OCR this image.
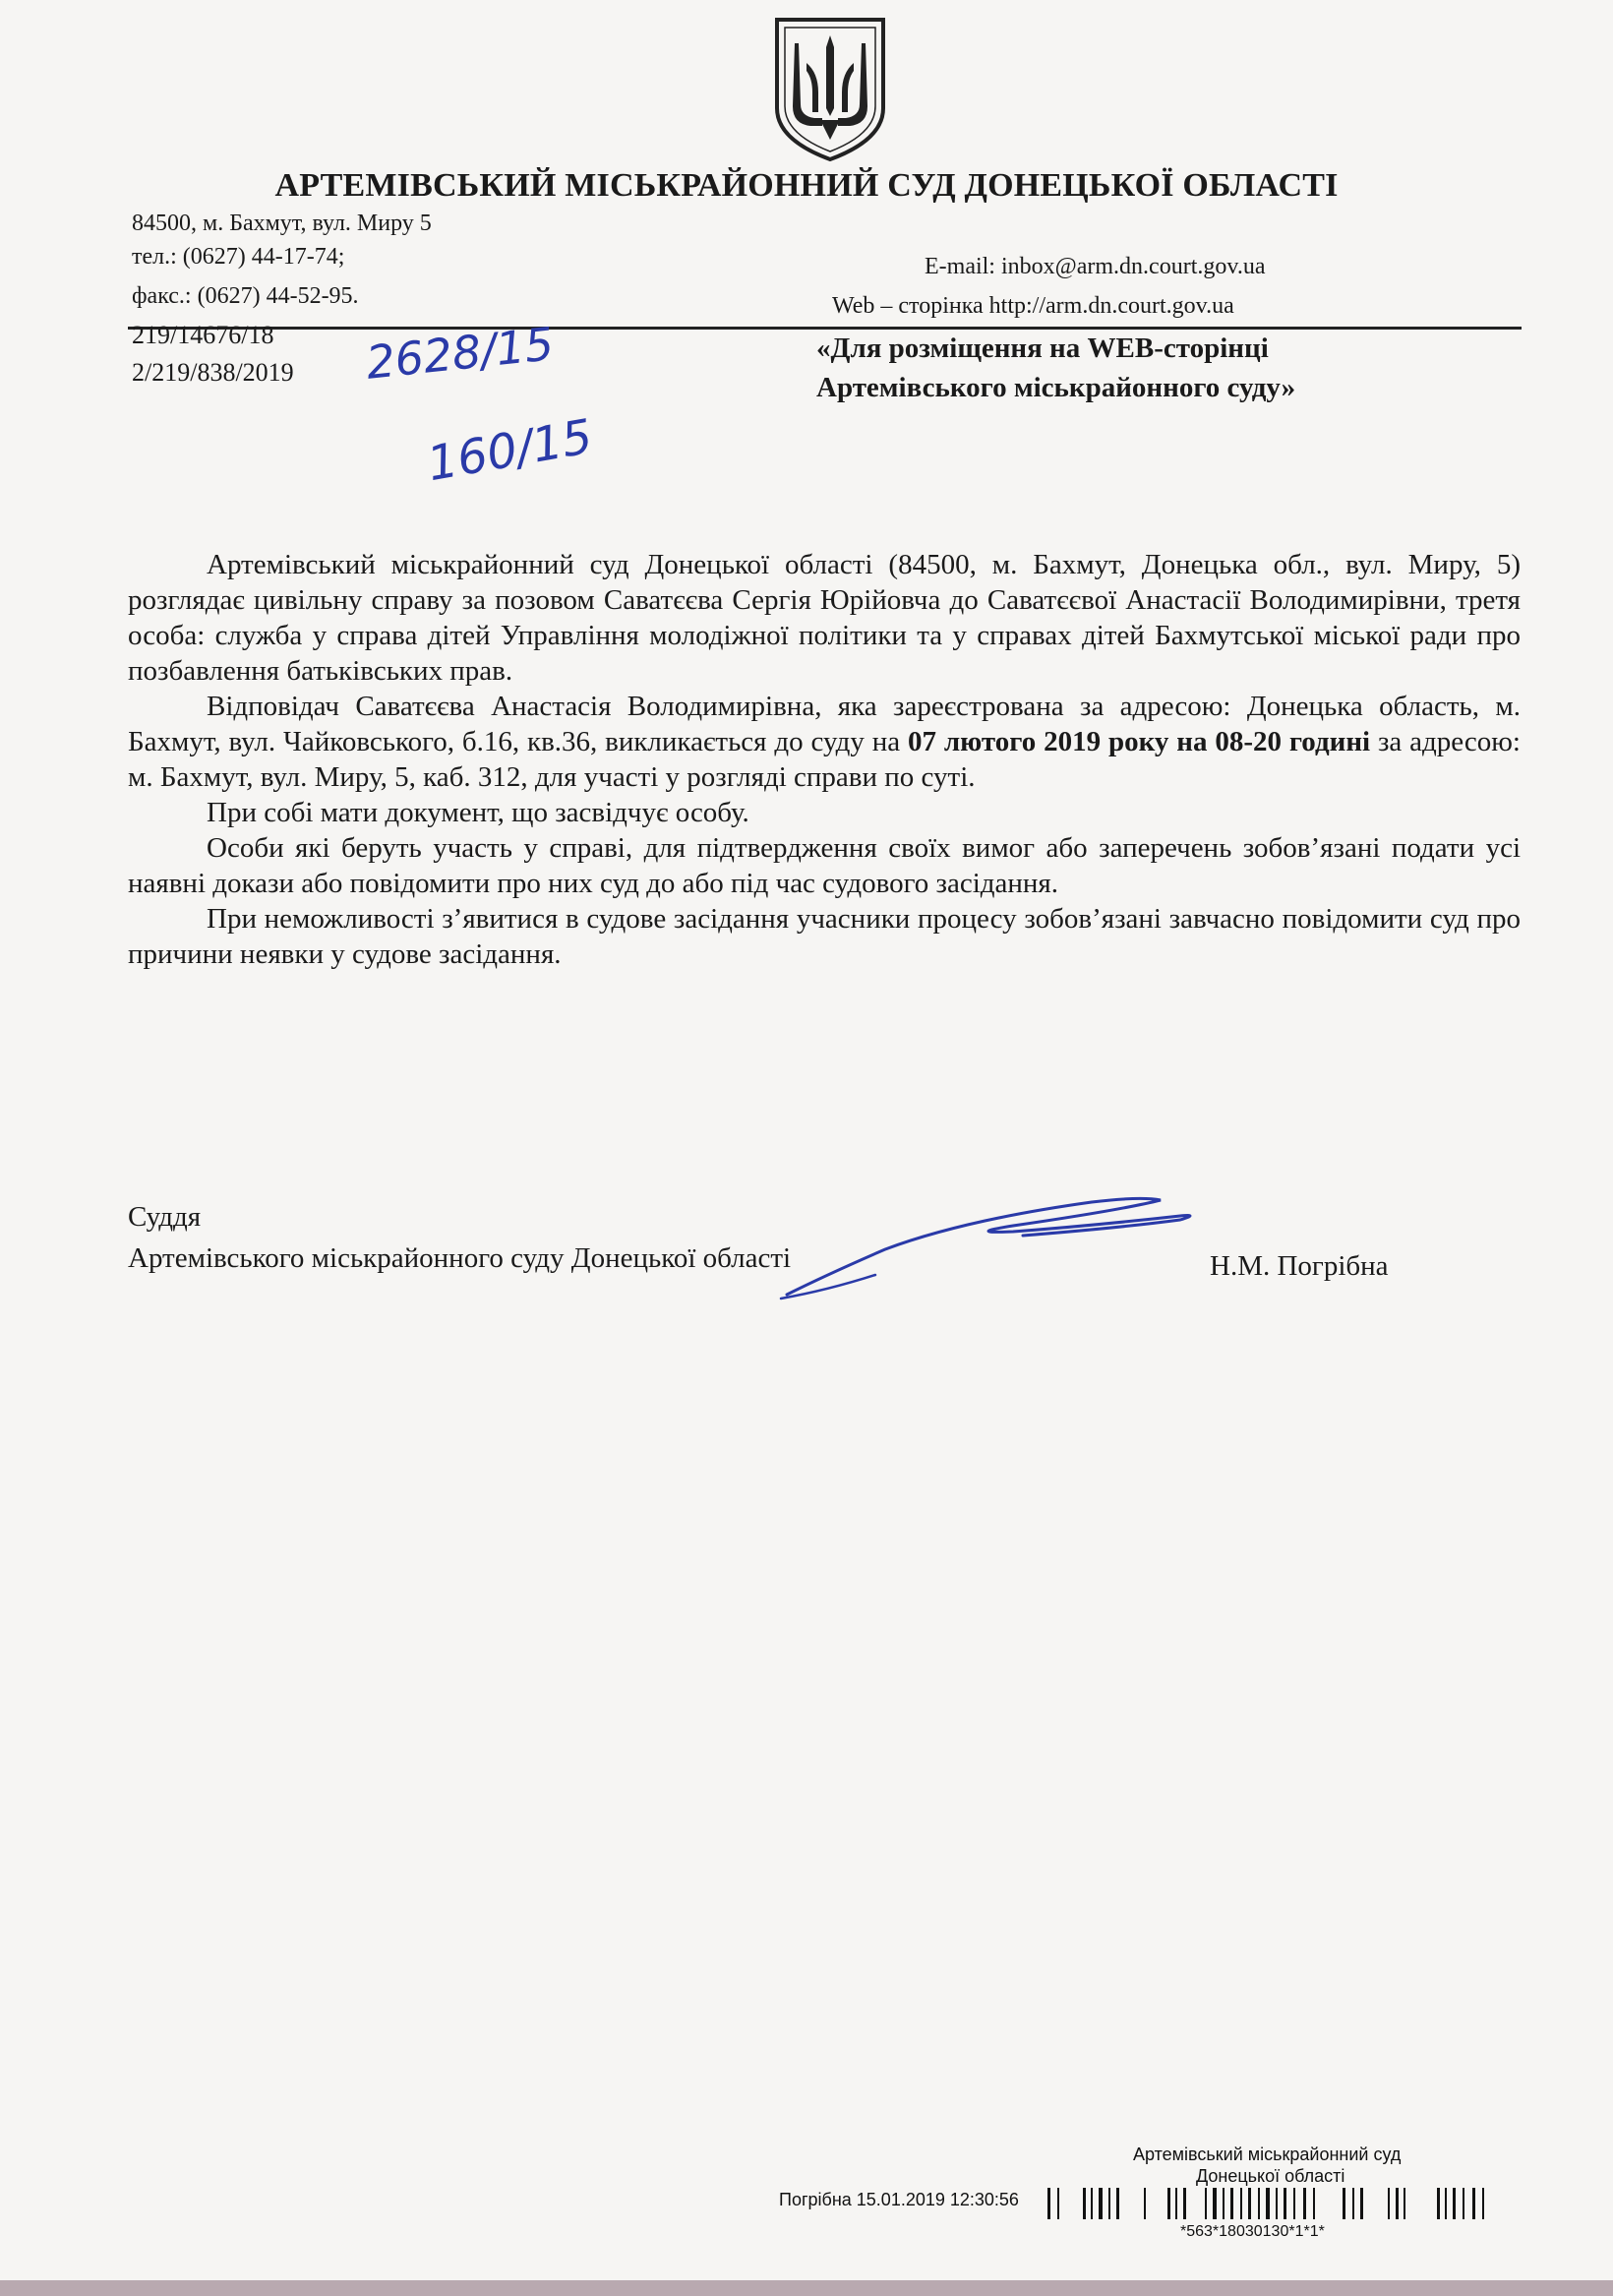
АРТЕМІВСЬКИЙ МІСЬКРАЙОННИЙ СУД ДОНЕЦЬКОЇ ОБЛАСТІ
84500, м. Бахмут, вул. Миру 5
тел.: (0627) 44-17-74;
факс.: (0627) 44-52-95.
E-mail: inbox@arm.dn.court.gov.ua
Web – сторінка http://arm.dn.court.gov.ua
219/14676/18
2/219/838/2019 2628/15
160/15
«Для розміщення на WEB-сторінці
Артемівського міськрайонного суду»

Артемівський міськрайонний суд Донецької області (84500, м. Бахмут, Донецька обл., вул. Миру, 5) розглядає цивільну справу за позовом Саватєєва Сергія Юрійовча до Саватєєвої Анастасії Володимирівни, третя особа: служба у справа дітей Управління молодіжної політики та у справах дітей Бахмутської міської ради про позбавлення батьківських прав.

Відповідач Саватєєва Анастасія Володимирівна, яка зареєстрована за адресою: Донецька область, м. Бахмут, вул. Чайковського, б.16, кв.36, викликається до суду на 07 лютого 2019 року на 08-20 годині за адресою: м. Бахмут, вул. Миру, 5, каб. 312, для участі у розгляді справи по суті.

При собі мати документ, що засвідчує особу.

Особи які беруть участь у справі, для підтвердження своїх вимог або заперечень зобов’язані подати усі наявні докази або повідомити про них суд до або під час судового засідання.

При неможливості з’явитися в судове засідання учасники процесу зобов’язані завчасно повідомити суд про причини неявки у судове засідання.

Суддя
Артемівського міськрайонного суду Донецької області	Н.М. Погрібна
Артемівський міськрайонний суд
Донецької області
Погрібна 15.01.2019 12:30:56
*563*18030130*1*1*
